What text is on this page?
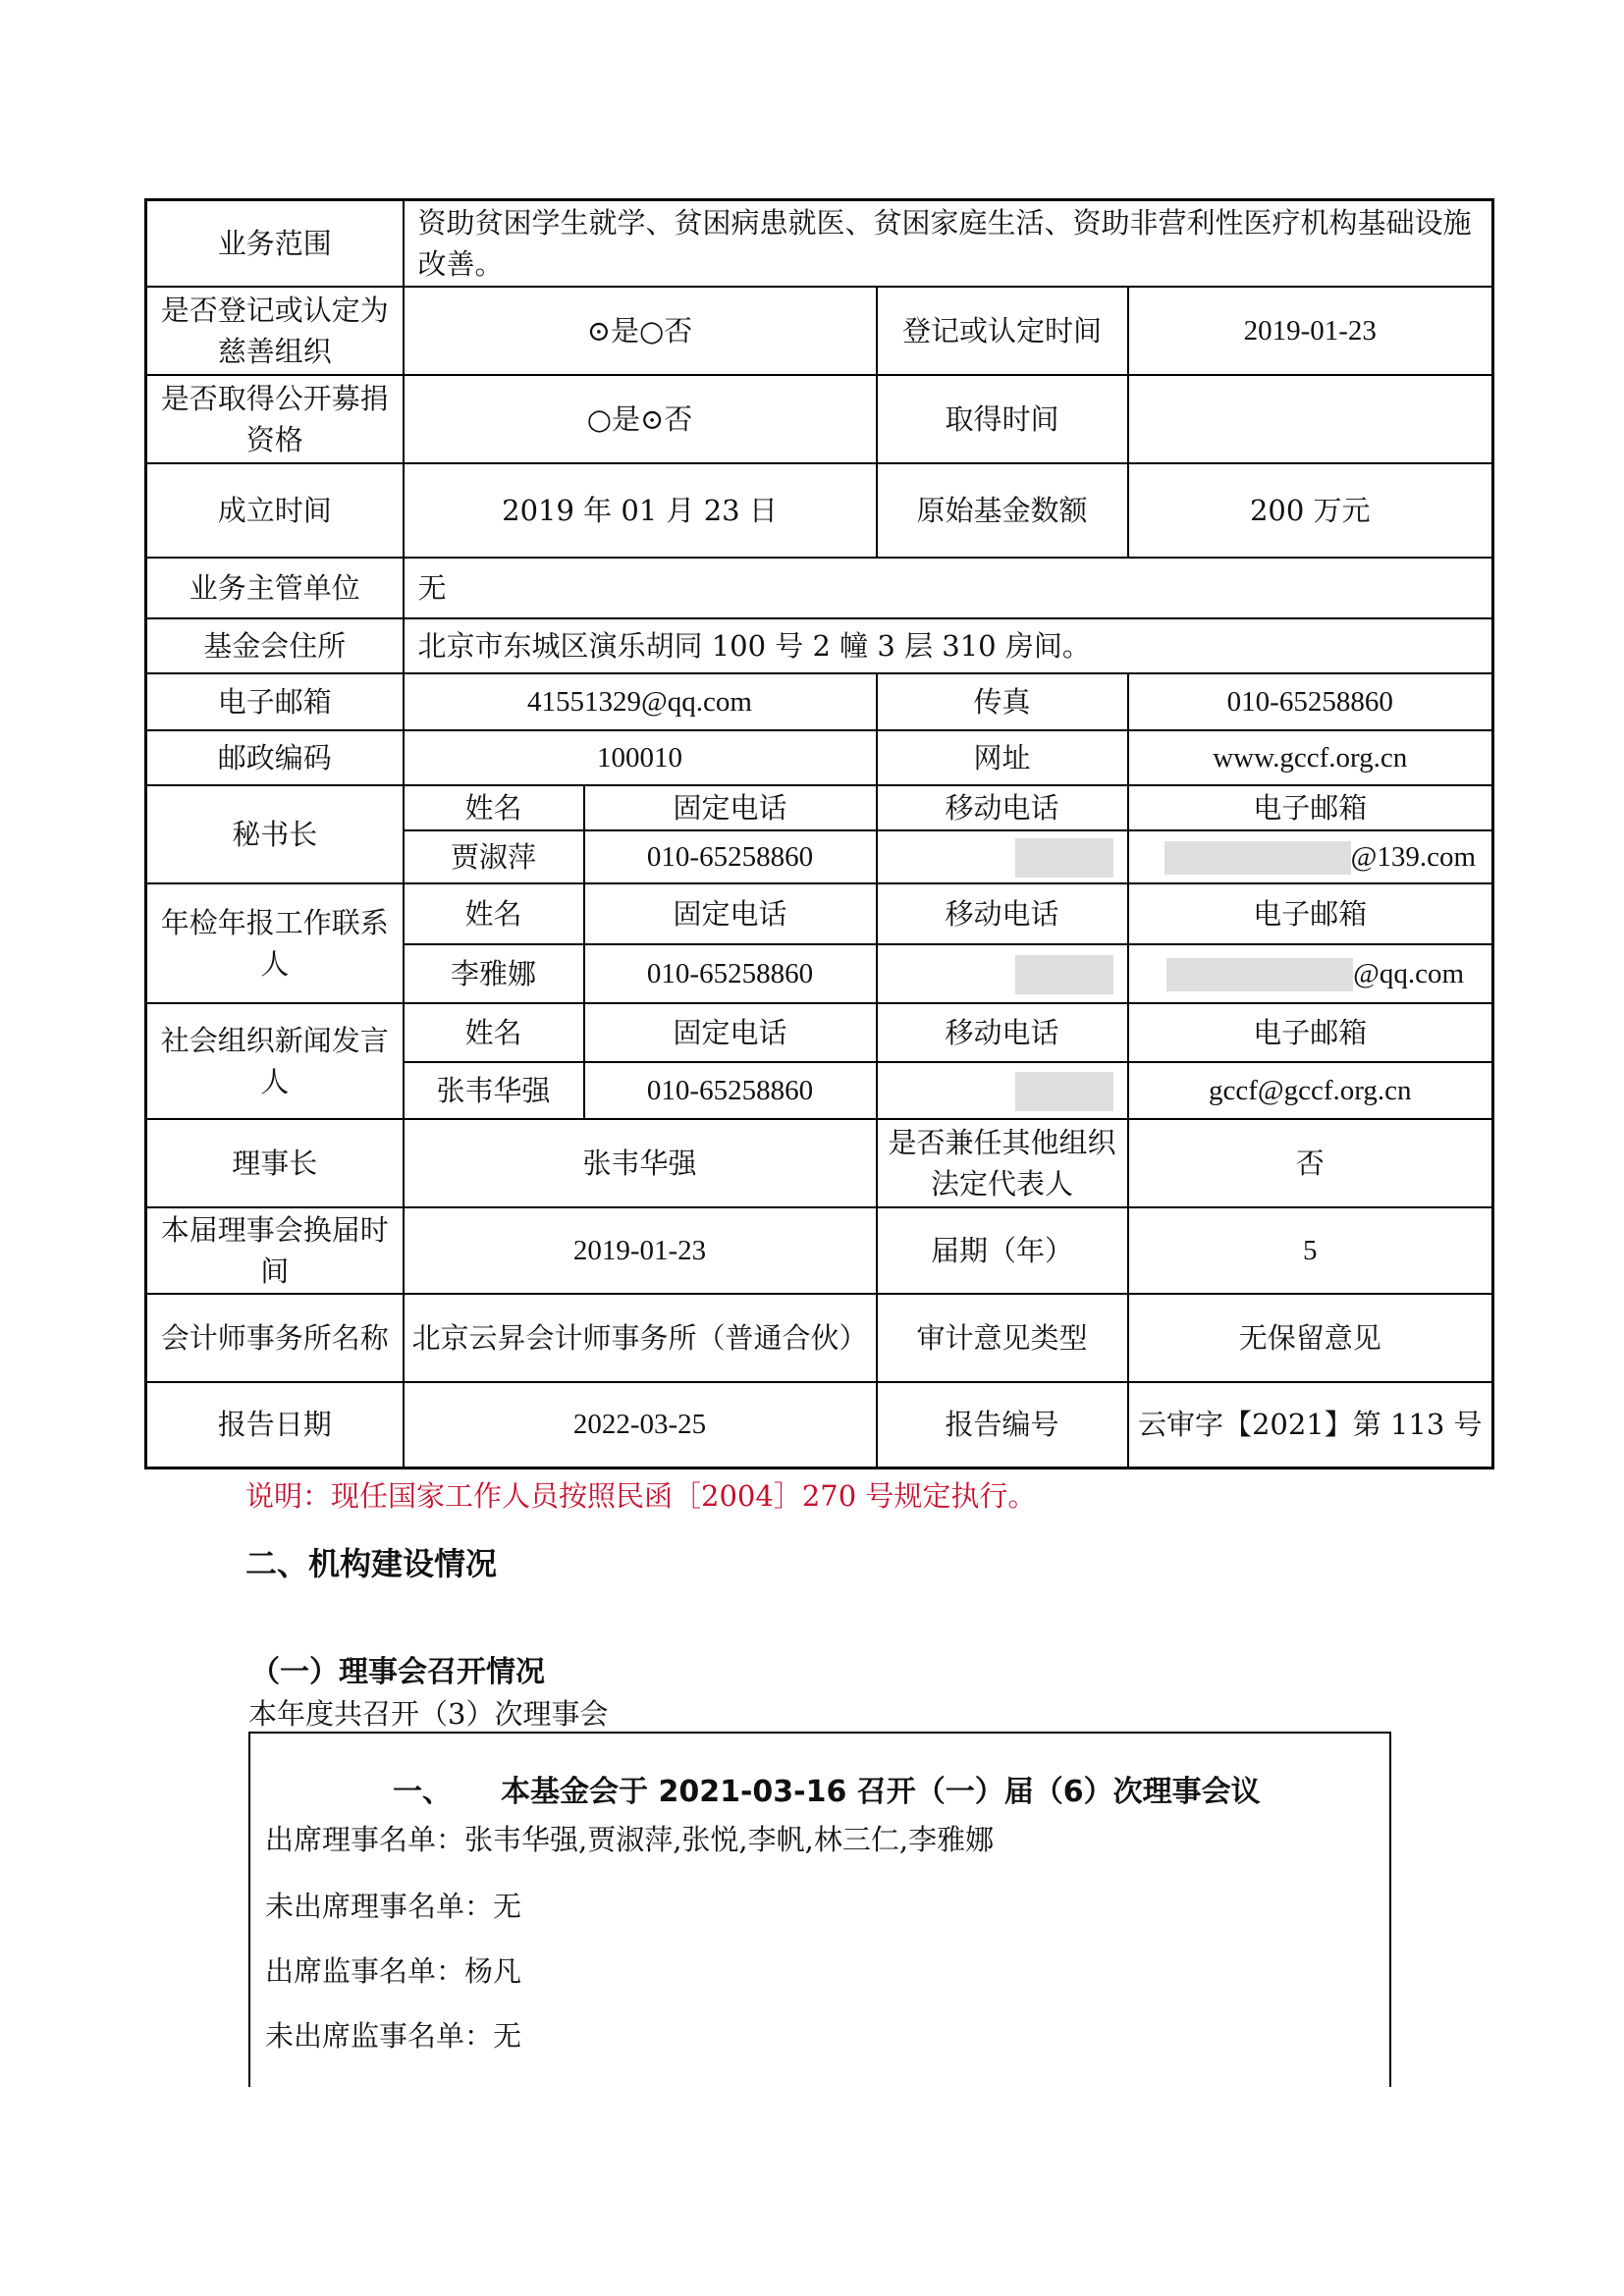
业务范围	资助贫困学生就学、贫困病患就医、贫困家庭生活、资助非营利性医疗机构基础设施改善。			
是否登记或认定为慈善组织	⊙是○否		登记或认定时间	2019-01-23
是否取得公开募捐资格	○是⊙否		取得时间	
成立时间	2019 年 01 月 23 日		原始基金数额	200 万元
业务主管单位	无			
基金会住所	北京市东城区演乐胡同 100 号 2 幢 3 层 310 房间。			
电子邮箱	41551329@qq.com		传真	010-65258860
邮政编码	100010		网址	www.gccf.org.cn
秘书长	姓名	固定电话	移动电话	电子邮箱
	贾淑萍	010-65258860		@139.com
年检年报工作联系人	姓名	固定电话	移动电话	电子邮箱
	李雅娜	010-65258860		@qq.com
社会组织新闻发言人	姓名	固定电话	移动电话	电子邮箱
	张韦华强	010-65258860		gccf@gccf.org.cn
理事长	张韦华强		是否兼任其他组织法定代表人	否
本届理事会换届时间	2019-01-23		届期（年）	5
会计师事务所名称	北京云昇会计师事务所（普通合伙）		审计意见类型	无保留意见
报告日期	2022-03-25		报告编号	云审字【2021】第 113 号
说明：现任国家工作人员按照民函［2004］270 号规定执行。
二、机构建设情况
（一）理事会召开情况
本年度共召开（3）次理事会
一、 本基金会于 2021-03-16 召开（一）届（6）次理事会议
出席理事名单：张韦华强,贾淑萍,张悦,李帆,林三仁,李雅娜
未出席理事名单：无
出席监事名单：杨凡
未出席监事名单：无
